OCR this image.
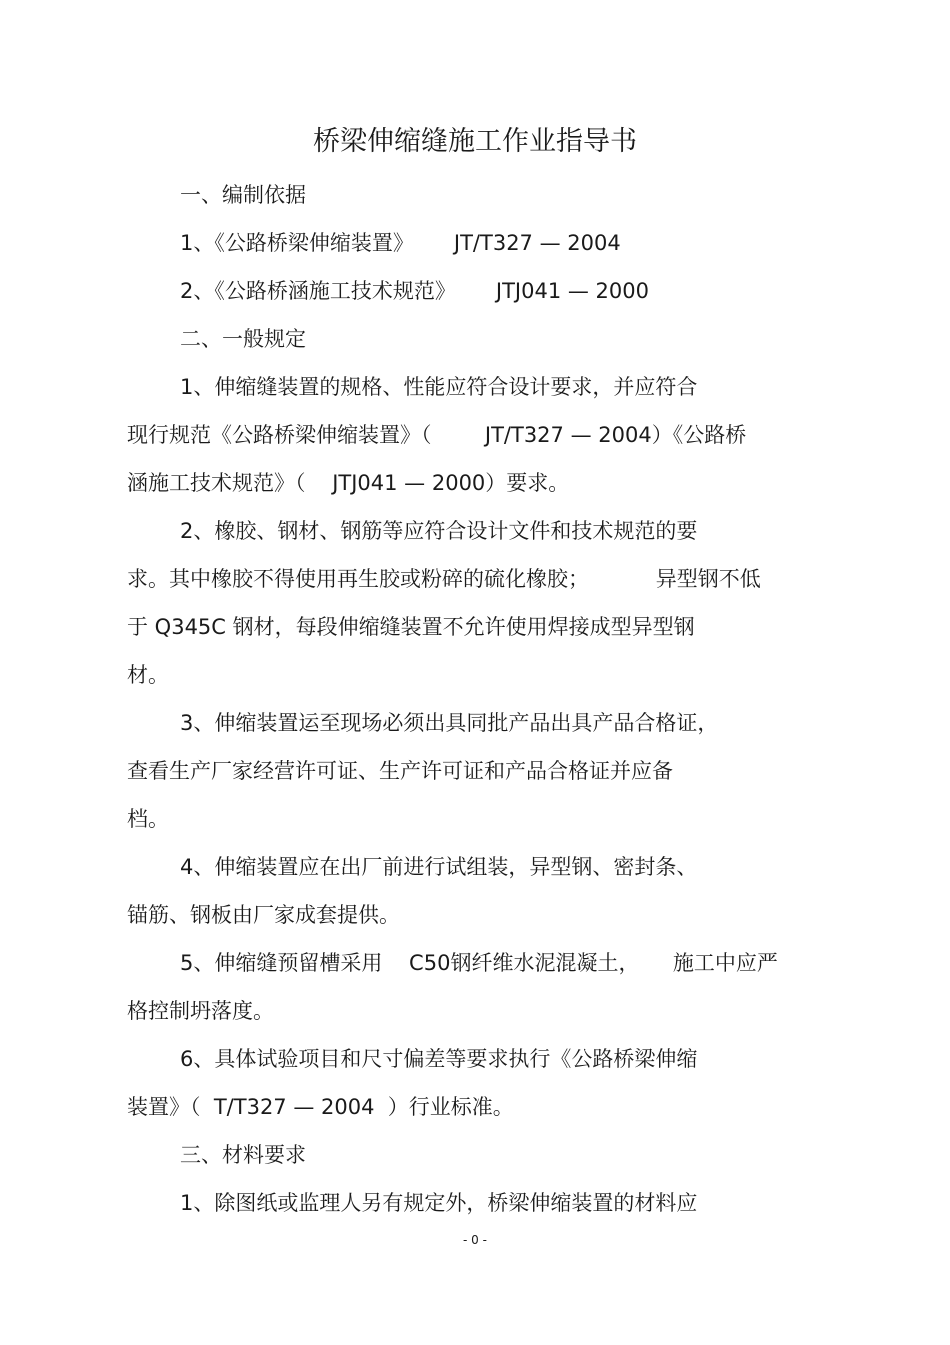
桥梁伸缩缝施工作业指导书
一、编制依据
1、《公路桥梁伸缩装置》      JT/T327 — 2004
2、《公路桥涵施工技术规范》      JTJ041 — 2000
二、一般规定
1、伸缩缝装置的规格、性能应符合设计要求，并应符合
现行规范《公路桥梁伸缩装置》（        JT/T327 — 2004）《公路桥
涵施工技术规范》（    JTJ041 — 2000）要求。
2、橡胶、钢材、钢筋等应符合设计文件和技术规范的要
求。其中橡胶不得使用再生胶或粉碎的硫化橡胶；          异型钢不低
于 Q345C 钢材，每段伸缩缝装置不允许使用焊接成型异型钢
材。
3、伸缩装置运至现场必须出具同批产品出具产品合格证，
查看生产厂家经营许可证、生产许可证和产品合格证并应备
档。
4、伸缩装置应在出厂前进行试组装，异型钢、密封条、
锚筋、钢板由厂家成套提供。
5、伸缩缝预留槽采用    C50钢纤维水泥混凝土，     施工中应严
格控制坍落度。
6、具体试验项目和尺寸偏差等要求执行《公路桥梁伸缩
装置》（  T/T327 — 2004  ）行业标准。
三、材料要求
1、除图纸或监理人另有规定外，桥梁伸缩装置的材料应
- 0 -
